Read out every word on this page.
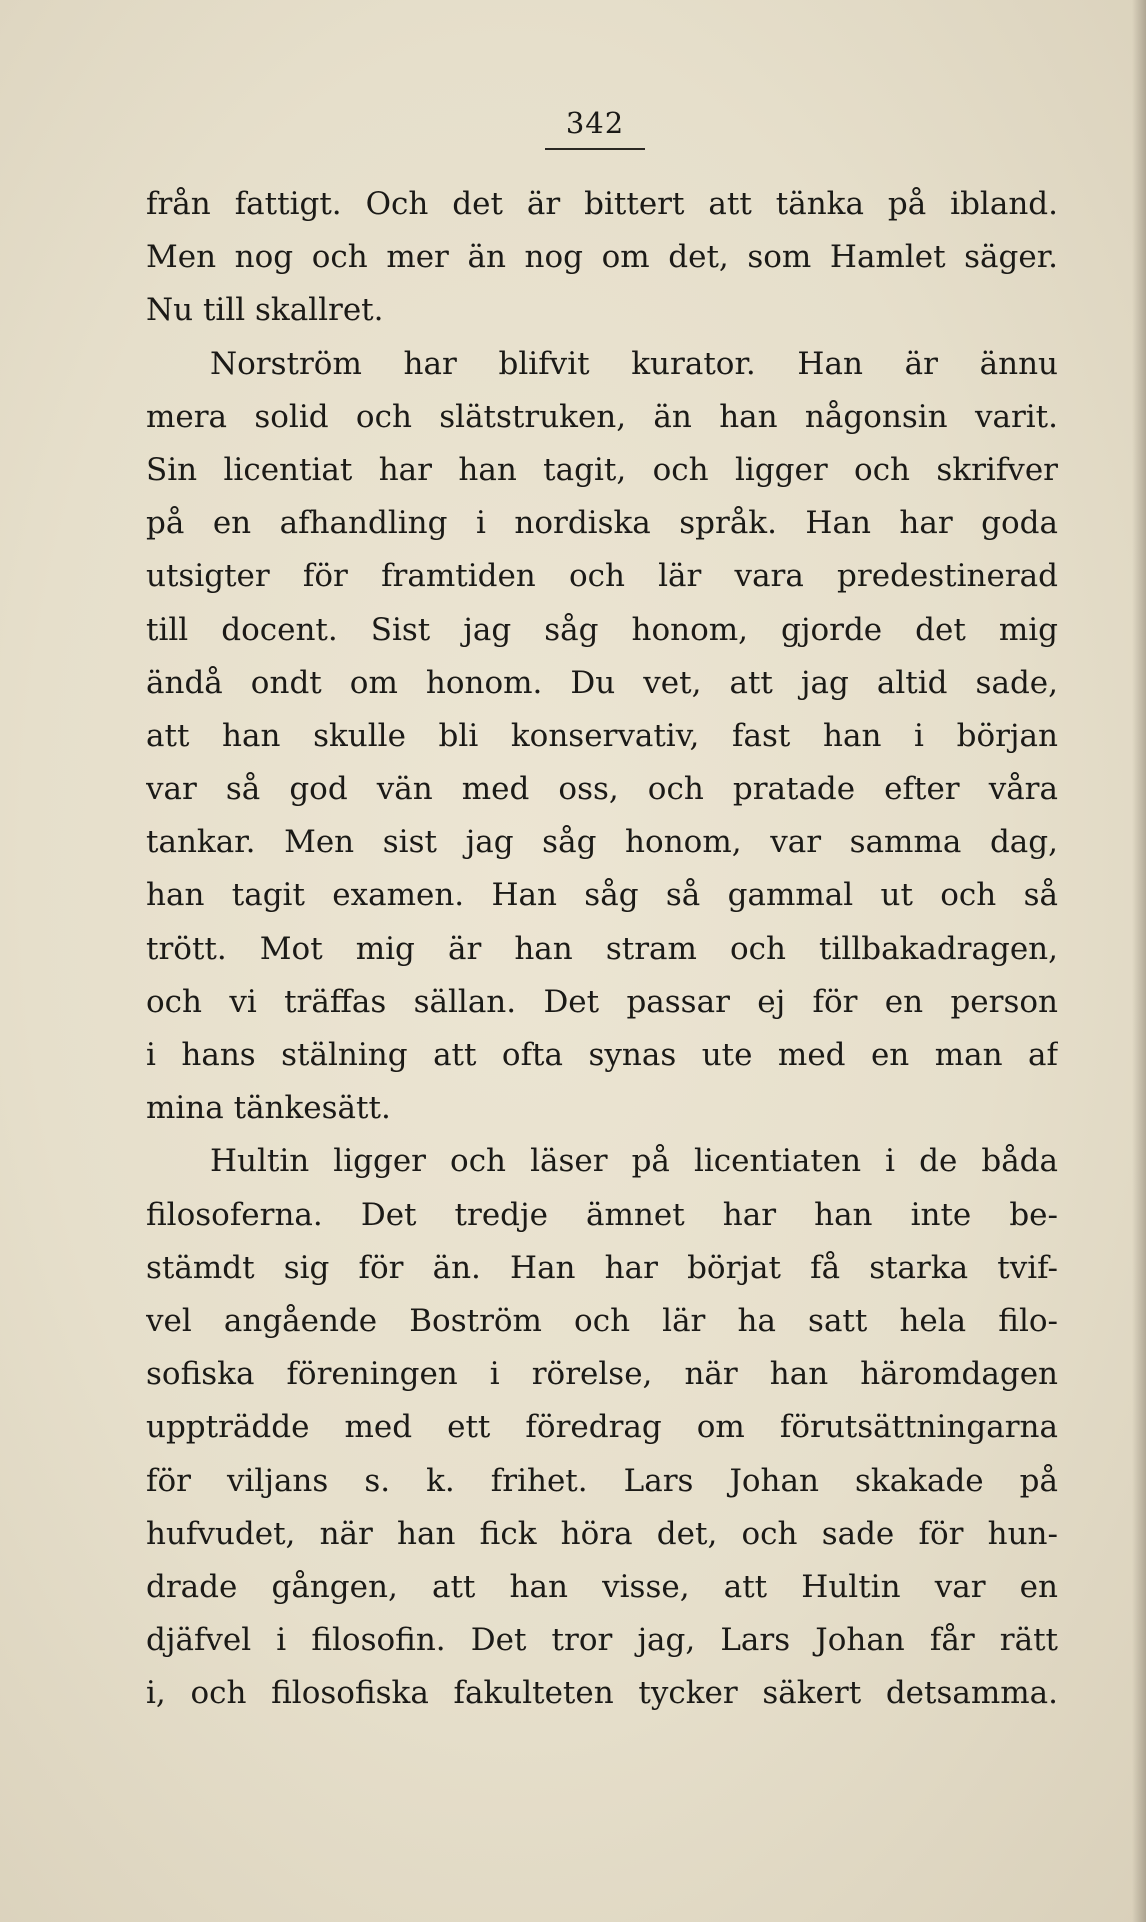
342
från fattigt. Och det är bittert att tänka på ibland.
Men nog och mer än nog om det, som Hamlet säger.
Nu till skallret.
Norström har blifvit kurator. Han är ännu
mera solid och slätstruken, än han någonsin varit.
Sin licentiat har han tagit, och ligger och skrifver
på en afhandling i nordiska språk. Han har goda
utsigter för framtiden och lär vara predestinerad
till docent. Sist jag såg honom, gjorde det mig
ändå ondt om honom. Du vet, att jag altid sade,
att han skulle bli konservativ, fast han i början
var så god vän med oss, och pratade efter våra
tankar. Men sist jag såg honom, var samma dag,
han tagit examen. Han såg så gammal ut och så
trött. Mot mig är han stram och tillbakadragen,
och vi träffas sällan. Det passar ej för en person
i hans stälning att ofta synas ute med en man af
mina tänkesätt.
Hultin ligger och läser på licentiaten i de båda
filosoferna. Det tredje ämnet har han inte be-
stämdt sig för än. Han har börjat få starka tvif-
vel angående Boström och lär ha satt hela filo-
sofiska föreningen i rörelse, när han häromdagen
uppträdde med ett föredrag om förutsättningarna
för viljans s. k. frihet. Lars Johan skakade på
hufvudet, när han fick höra det, och sade för hun-
drade gången, att han visse, att Hultin var en
djäfvel i filosofin. Det tror jag, Lars Johan får rätt
i, och filosofiska fakulteten tycker säkert detsamma.
